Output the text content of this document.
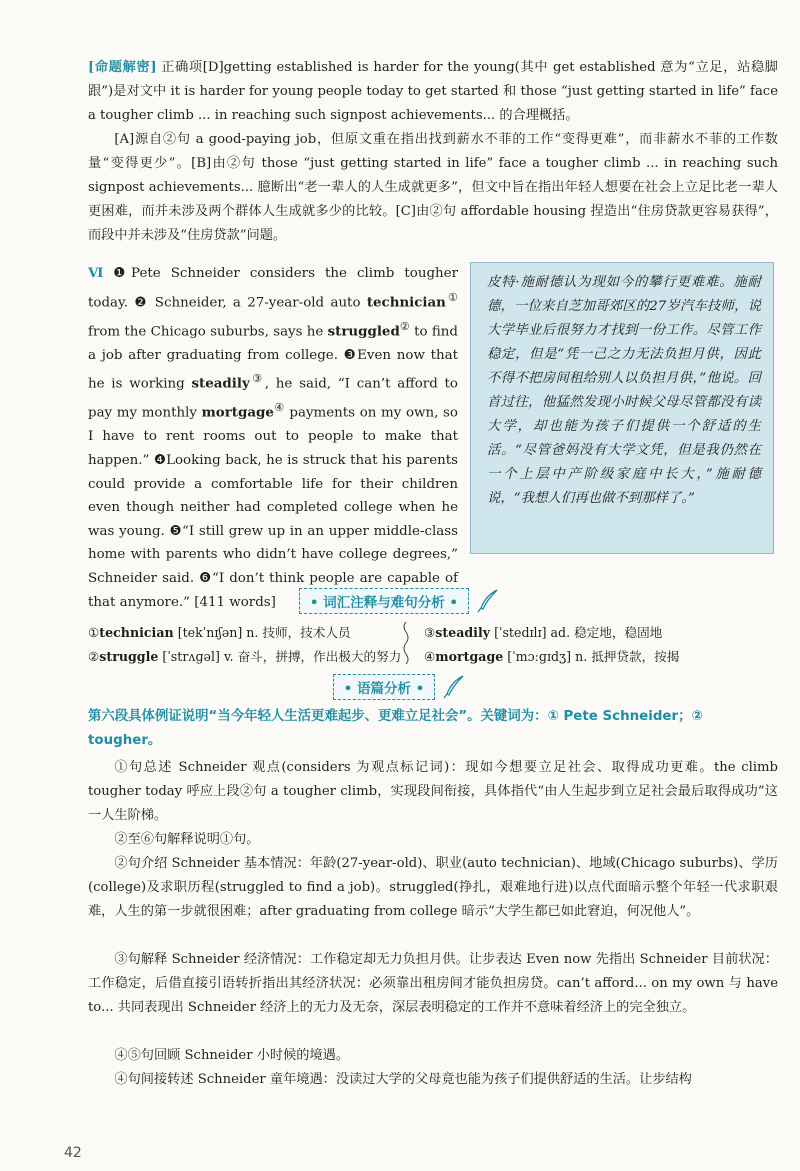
[命题解密] 正确项[D]getting established is harder for the young(其中 get established 意为“立足，站稳脚跟”)是对文中 it is harder for young people today to get started 和 those “just getting started in life” face a tougher climb ... in reaching such signpost achievements... 的合理概括。
[A]源自②句 a good-paying job，但原文重在指出找到薪水不菲的工作“变得更难”，而非薪水不菲的工作数量“变得更少”。[B]由②句 those “just getting started in life” face a tougher climb ... in reaching such signpost achievements... 臆断出“老一辈人的人生成就更多”，但文中旨在指出年轻人想要在社会上立足比老一辈人更困难，而并未涉及两个群体人生成就多少的比较。[C]由②句 affordable housing 捏造出“住房贷款更容易获得”，而段中并未涉及“住房贷款”问题。
Ⅵ ❶Pete Schneider considers the climb tougher today. ❷ Schneider, a 27-year-old auto technician① from the Chicago suburbs, says he struggled② to find a job after graduating from college. ❸Even now that he is working steadily③, he said, “I can’t afford to pay my monthly mortgage④ payments on my own, so I have to rent rooms out to people to make that happen.” ❹Looking back, he is struck that his parents could provide a comfortable life for their children even though neither had completed college when he was young. ❺“I still grew up in an upper middle-class home with parents who didn’t have college degrees,” Schneider said. ❻“I don’t think people are capable of that anymore.” [411 words]
皮特·施耐德认为现如今的攀行更难难。施耐德，一位来自芝加哥郊区的27岁汽车技师，说大学毕业后很努力才找到一份工作。尽管工作稳定，但是“凭一己之力无法负担月供，因此不得不把房间租给别人以负担月供，”他说。回首过往，他猛然发现小时候父母尽管都没有读大学，却也能为孩子们提供一个舒适的生活。“尽管爸妈没有大学文凭，但是我仍然在一个上层中产阶级家庭中长大，”施耐德说，“我想人们再也做不到那样了。”
• 词汇注释与难句分析 •
①technician [tekˈnɪʃən] n. 技师，技术人员	③steadily [ˈstedɪlɪ] ad. 稳定地，稳固地
②struggle [ˈstrʌɡəl] v. 奋斗，拼搏，作出极大的努力 ④mortgage [ˈmɔːɡɪdʒ] n. 抵押贷款，按揭
• 语篇分析 •
第六段具体例证说明“当今年轻人生活更难起步、更难立足社会”。关键词为：① Pete Schneider；② tougher。
①句总述 Schneider 观点(considers 为观点标记词)：现如今想要立足社会、取得成功更难。the climb tougher today 呼应上段②句 a tougher climb，实现段间衔接，具体指代“由人生起步到立足社会最后取得成功”这一人生阶梯。
②至⑥句解释说明①句。
②句介绍 Schneider 基本情况：年龄(27-year-old)、职业(auto technician)、地域(Chicago suburbs)、学历(college)及求职历程(struggled to find a job)。struggled(挣扎，艰难地行进)以点代面暗示整个年轻一代求职艰难，人生的第一步就很困难；after graduating from college 暗示“大学生都已如此窘迫，何况他人”。
③句解释 Schneider 经济情况：工作稳定却无力负担月供。让步表达 Even now 先指出 Schneider 目前状况：工作稳定，后借直接引语转折指出其经济状况：必须靠出租房间才能负担房贷。can’t afford... on my own 与 have to... 共同表现出 Schneider 经济上的无力及无奈，深层表明稳定的工作并不意味着经济上的完全独立。
④⑤句回顾 Schneider 小时候的境遇。
④句间接转述 Schneider 童年境遇：没读过大学的父母竟也能为孩子们提供舒适的生活。让步结构
42
